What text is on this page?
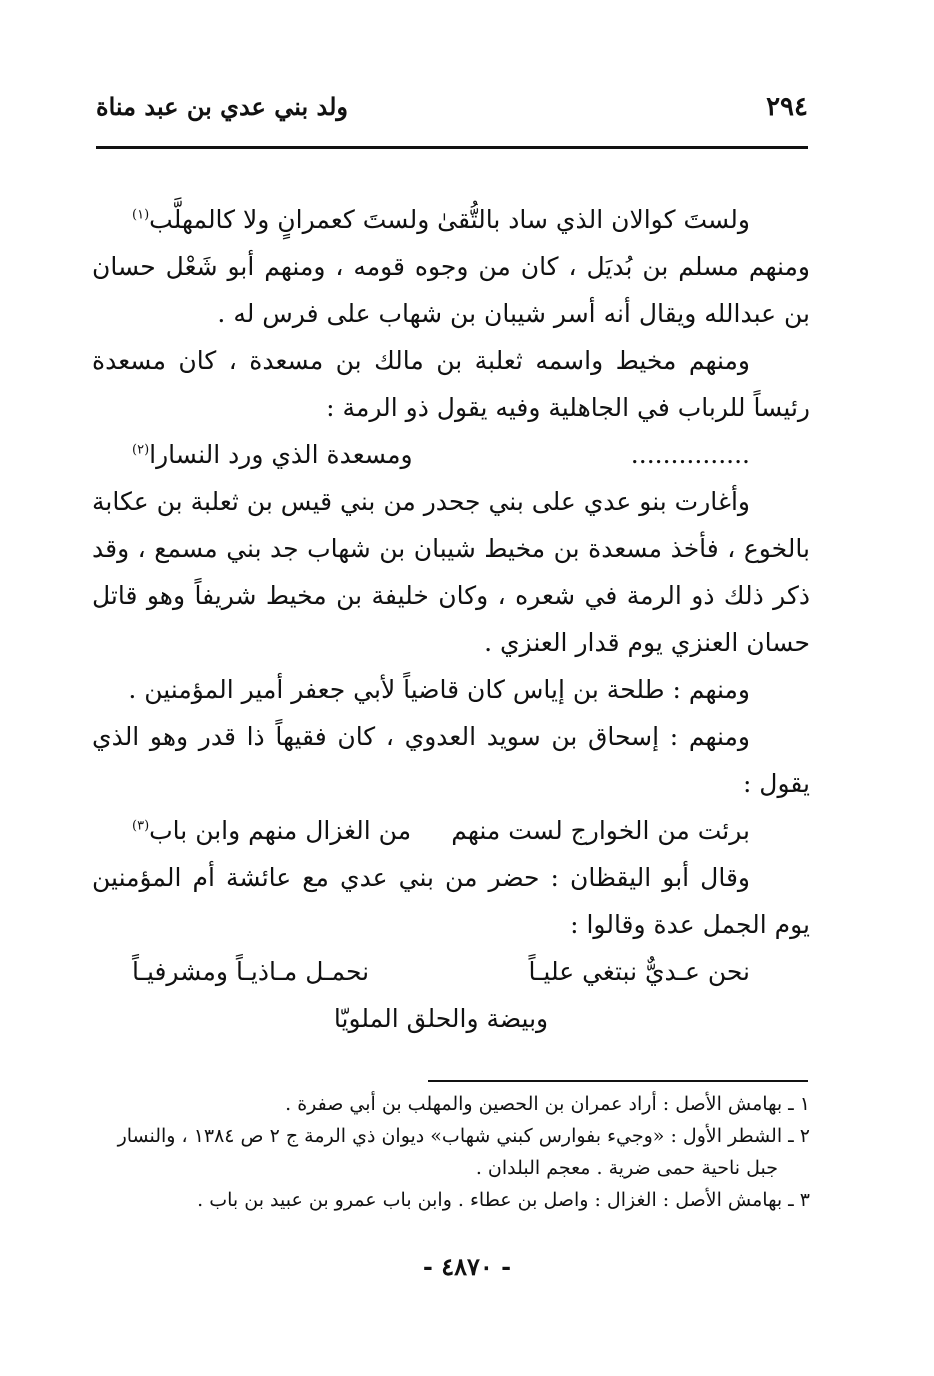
٢٩٤
ولد بني عدي بن عبد مناة
ولستَ كوالان الذي ساد بالتُّقىٰ
ولستَ كعمرانٍ ولا كالمهلَّب$^{(١)}$

ومنهم مسلم بن بُديَل ، كان من وجوه قومه ، ومنهم أبو شَعْل حسان بن عبدالله ويقال أنه أسر شيبان بن شهاب على فرس له .

ومنهم مخيط واسمه ثعلبة بن مالك بن مسعدة ، كان مسعدة رئيساً للرباب في الجاهلية وفيه يقول ذو الرمة :

...............
ومسعدة الذي ورد النسارا$^{(٢)}$

وأغارت بنو عدي على بني جحدر من بني قيس بن ثعلبة بن عكابة بالخوع ، فأخذ مسعدة بن مخيط شيبان بن شهاب جد بني مسمع ، وقد ذكر ذلك ذو الرمة في شعره ، وكان خليفة بن مخيط شريفاً وهو قاتل حسان العنزي يوم قدار العنزي .

ومنهم : طلحة بن إياس كان قاضياً لأبي جعفر أمير المؤمنين .

ومنهم : إسحاق بن سويد العدوي ، كان فقيهاً ذا قدر وهو الذي يقول :

برئت من الخوارج لست منهم
من الغزال منهم وابن باب$^{(٣)}$

وقال أبو اليقظان : حضر من بني عدي مع عائشة أم المؤمنين يوم الجمل عدة وقالوا :

نحن عـديٌّ نبتغي عليـاً
نحمـل مـاذيـاً ومشرفيـاً
وبيضة والحلق الملويّا

١ ـ بهامش الأصل : أراد عمران بن الحصين والمهلب بن أبي صفرة .

٢ ـ الشطر الأول : «وجيء بفوارس كبني شهاب» ديوان ذي الرمة ج ٢ ص ١٣٨٤ ، والنسار

جبل ناحية حمى ضرية . معجم البلدان .

٣ ـ بهامش الأصل : الغزال : واصل بن عطاء . وابن باب عمرو بن عبيد بن باب .

- ٤٨٧٠ -
